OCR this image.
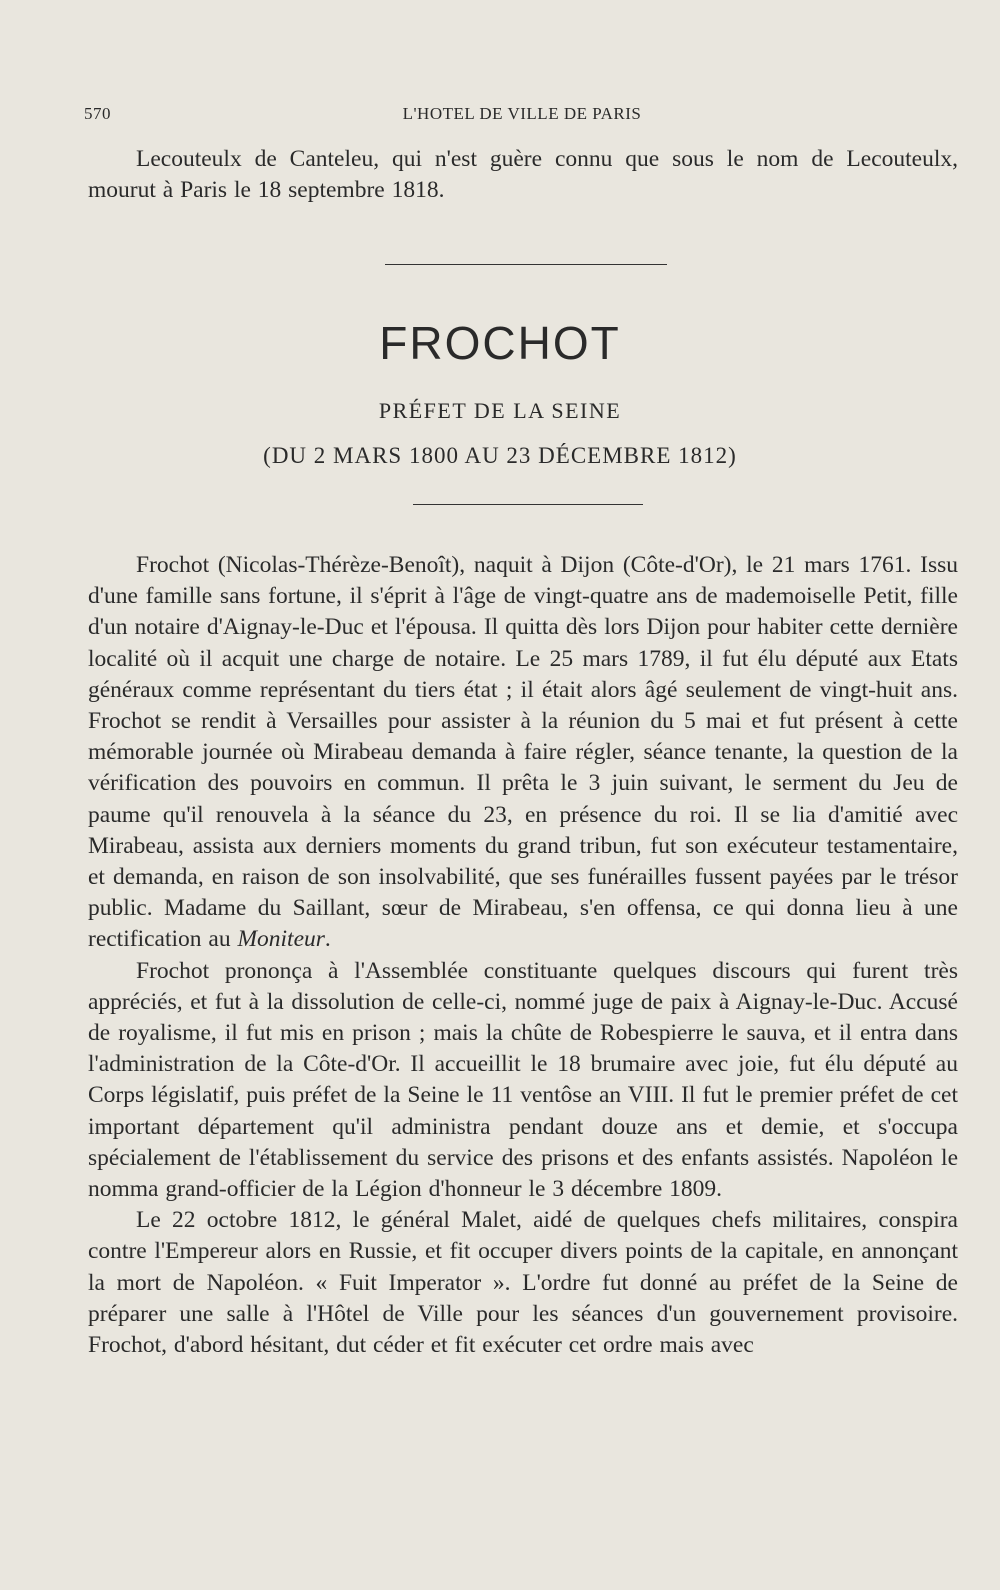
570	L'HOTEL DE VILLE DE PARIS

Lecouteulx de Canteleu, qui n'est guère connu que sous le nom de Lecouteulx, mourut à Paris le 18 septembre 1818.

FROCHOT
PRÉFET DE LA SEINE
(DU 2 MARS 1800 AU 23 DÉCEMBRE 1812)

Frochot (Nicolas-Thérèze-Benoît), naquit à Dijon (Côte-d'Or), le 21 mars 1761. Issu d'une famille sans fortune, il s'éprit à l'âge de vingt-quatre ans de mademoiselle Petit, fille d'un notaire d'Aignay-le-Duc et l'épousa. Il quitta dès lors Dijon pour habiter cette dernière localité où il acquit une charge de notaire. Le 25 mars 1789, il fut élu député aux Etats généraux comme représentant du tiers état ; il était alors âgé seulement de vingt-huit ans. Frochot se rendit à Versailles pour assister à la réunion du 5 mai et fut présent à cette mémorable journée où Mirabeau demanda à faire régler, séance tenante, la question de la vérification des pouvoirs en commun. Il prêta le 3 juin suivant, le serment du Jeu de paume qu'il renouvela à la séance du 23, en présence du roi. Il se lia d'amitié avec Mirabeau, assista aux derniers moments du grand tribun, fut son exécuteur testamentaire, et demanda, en raison de son insolvabilité, que ses funérailles fussent payées par le trésor public. Madame du Saillant, sœur de Mirabeau, s'en offensa, ce qui donna lieu à une rectification au Moniteur.

Frochot prononça à l'Assemblée constituante quelques discours qui furent très appréciés, et fut à la dissolution de celle-ci, nommé juge de paix à Aignay-le-Duc. Accusé de royalisme, il fut mis en prison ; mais la chûte de Robespierre le sauva, et il entra dans l'administration de la Côte-d'Or. Il accueillit le 18 brumaire avec joie, fut élu député au Corps législatif, puis préfet de la Seine le 11 ventôse an VIII. Il fut le premier préfet de cet important département qu'il administra pendant douze ans et demie, et s'occupa spécialement de l'établissement du service des prisons et des enfants assistés. Napoléon le nomma grand-officier de la Légion d'honneur le 3 décembre 1809.

Le 22 octobre 1812, le général Malet, aidé de quelques chefs militaires, conspira contre l'Empereur alors en Russie, et fit occuper divers points de la capitale, en annonçant la mort de Napoléon. « Fuit Imperator ». L'ordre fut donné au préfet de la Seine de préparer une salle à l'Hôtel de Ville pour les séances d'un gouvernement provisoire. Frochot, d'abord hésitant, dut céder et fit exécuter cet ordre mais avec
